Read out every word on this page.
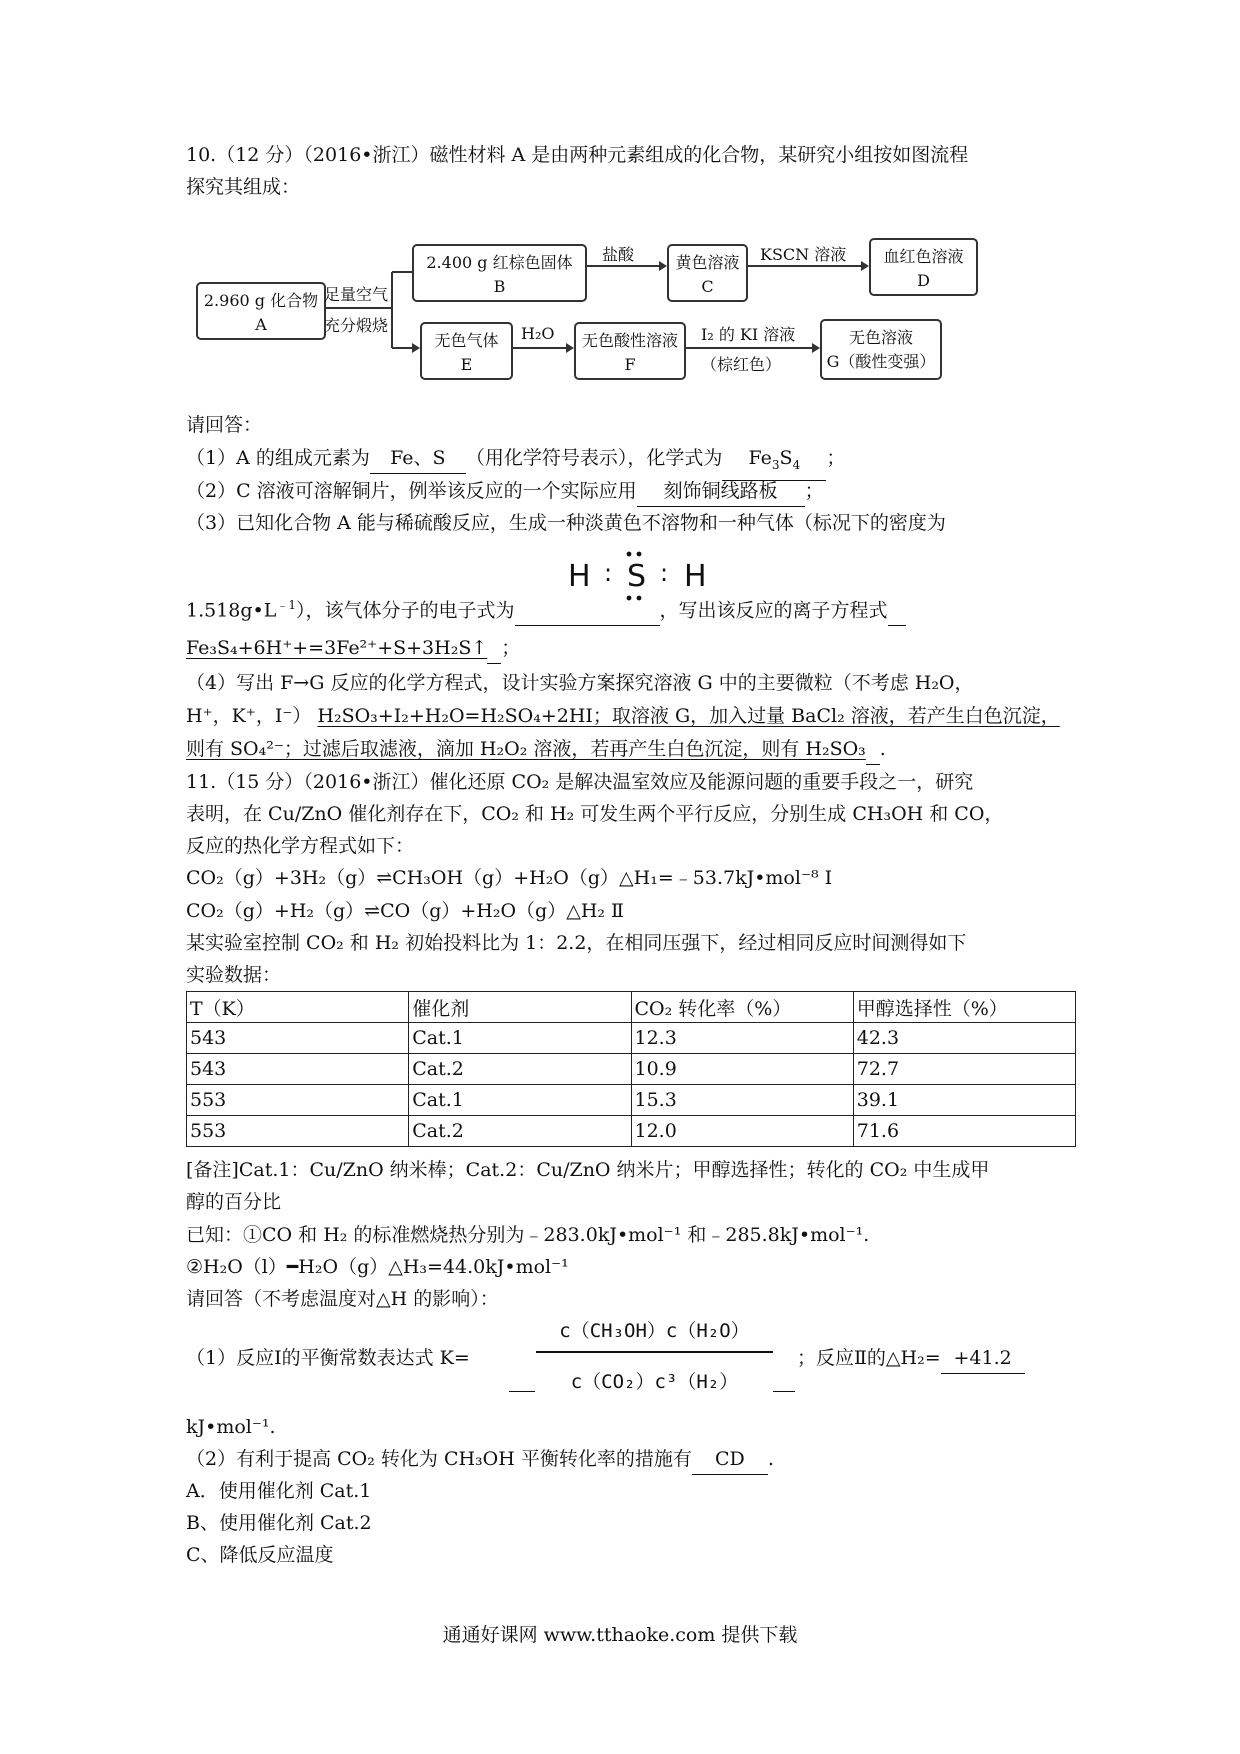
10.（12 分）（2016•浙江）磁性材料 A 是由两种元素组成的化合物，某研究小组按如图流程
探究其组成：
2.960 g 化合物
A
足量空气
充分煅烧
2.400 g 红棕色固体
B
盐酸	黄色溶液
C
KSCN 溶液	血红色溶液
D
无色气体
E
H₂O	无色酸性溶液
F
I₂ 的 KI 溶液
（棕红色）
无色溶液
G（酸性变强）
请回答：
（1）A 的组成元素为 Fe、S （用化学符号表示），化学式为 $Fe_3S_4$ ；
（2）C 溶液可溶解铜片，例举该反应的一个实际应用 刻饰铜线路板 ；
（3）已知化合物 A 能与稀硫酸反应，生成一种淡黄色不溶物和一种气体（标况下的密度为
H : S : H
$1.518g•L^{﹣1}$），该气体分子的电子式为	，写出该反应的离子方程式
Fe₃S₄+6H⁺+=3Fe²⁺+S+3H₂S↑ ；
（4）写出 F→G 反应的化学方程式，设计实验方案探究溶液 G 中的主要微粒（不考虑 H₂O，
H⁺，K⁺，I⁻） H₂SO₃+I₂+H₂O=H₂SO₄+2HI；取溶液 G，加入过量 BaCl₂ 溶液，若产生白色沉淀，
则有 SO₄²⁻；过滤后取滤液，滴加 H₂O₂ 溶液，若再产生白色沉淀，则有 H₂SO₃ .
11.（15 分）（2016•浙江）催化还原 CO₂ 是解决温室效应及能源问题的重要手段之一，研究
表明，在 Cu/ZnO 催化剂存在下，CO₂ 和 H₂ 可发生两个平行反应，分别生成 CH₃OH 和 CO，
反应的热化学方程式如下：
CO₂（g）+3H₂（g）⇌CH₃OH（g）+H₂O（g）△H₁=﹣53.7kJ•mol⁻⁸ Ⅰ
CO₂（g）+H₂（g）⇌CO（g）+H₂O（g）△H₂ Ⅱ
某实验室控制 CO₂ 和 H₂ 初始投料比为 1：2.2，在相同压强下，经过相同反应时间测得如下
实验数据：
T（K）	催化剂	CO₂ 转化率（%）	甲醇选择性（%）
543	Cat.1	12.3	42.3
543	Cat.2	10.9	72.7
553	Cat.1	15.3	39.1
553	Cat.2	12.0	71.6
[备注]Cat.1：Cu/ZnO 纳米棒；Cat.2：Cu/ZnO 纳米片；甲醇选择性；转化的 CO₂ 中生成甲
醇的百分比
已知：①CO 和 H₂ 的标准燃烧热分别为﹣283.0kJ•mol⁻¹ 和﹣285.8kJ•mol⁻¹.
②H₂O（l）━H₂O（g）△H₃=44.0kJ•mol⁻¹
请回答（不考虑温度对△H 的影响）：
（1）反应Ⅰ的平衡常数表达式 K=

c（CH₃OH）c（H₂O）
c（CO₂）c³（H₂）

；反应Ⅱ的△H₂= +41.2
kJ•mol⁻¹.
（2）有利于提高 CO₂ 转化为 CH₃OH 平衡转化率的措施有 CD .
A．使用催化剂 Cat.1
B、使用催化剂 Cat.2
C、降低反应温度
通通好课网 www.tthaoke.com 提供下载
